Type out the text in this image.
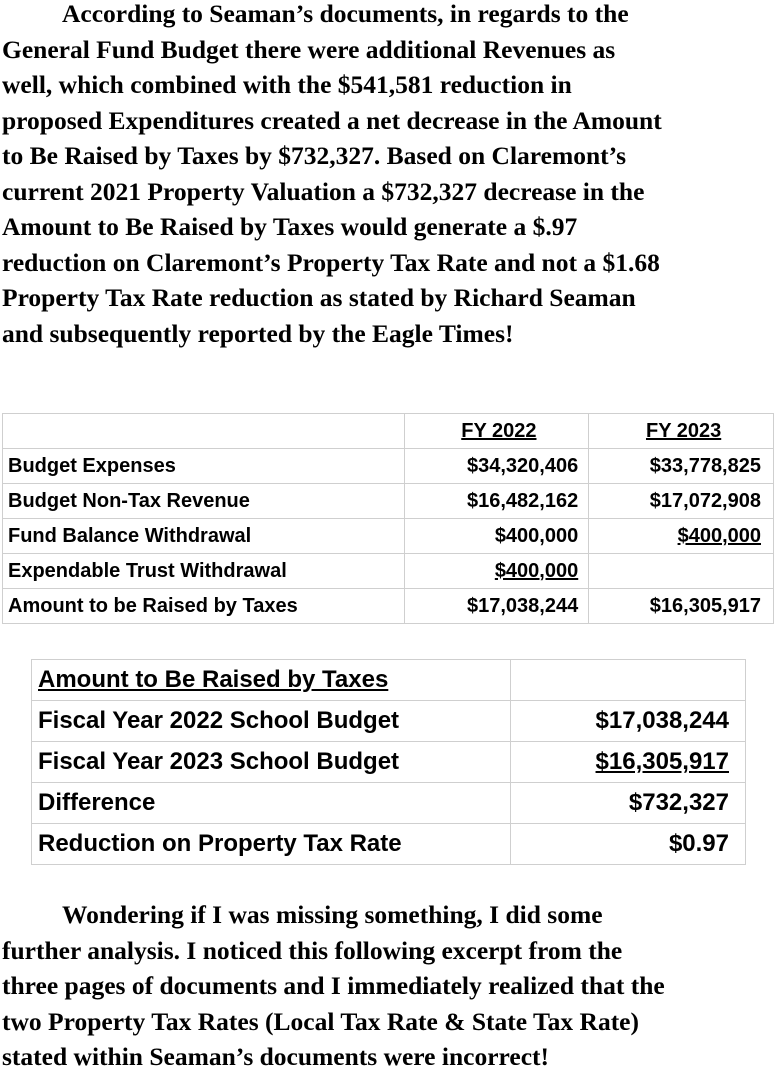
According to Seaman’s documents, in regards to the
General Fund Budget there were additional Revenues as
well, which combined with the $541,581 reduction in
proposed Expenditures created a net decrease in the Amount
to Be Raised by Taxes by $732,327. Based on Claremont’s
current 2021 Property Valuation a $732,327 decrease in the
Amount to Be Raised by Taxes would generate a $.97
reduction on Claremont’s Property Tax Rate and not a $1.68
Property Tax Rate reduction as stated by Richard Seaman
and subsequently reported by the Eagle Times!
	FY 2022	FY 2023
Budget Expenses	$34,320,406	$33,778,825
Budget Non-Tax Revenue	$16,482,162	$17,072,908
Fund Balance Withdrawal	$400,000	$400,000
Expendable Trust Withdrawal	$400,000	
Amount to be Raised by Taxes	$17,038,244	$16,305,917
Amount to Be Raised by Taxes	
Fiscal Year 2022 School Budget	$17,038,244
Fiscal Year 2023 School Budget	$16,305,917
Difference	$732,327
Reduction on Property Tax Rate	$0.97
Wondering if I was missing something, I did some
further analysis. I noticed this following excerpt from the
three pages of documents and I immediately realized that the
two Property Tax Rates (Local Tax Rate & State Tax Rate)
stated within Seaman’s documents were incorrect!
